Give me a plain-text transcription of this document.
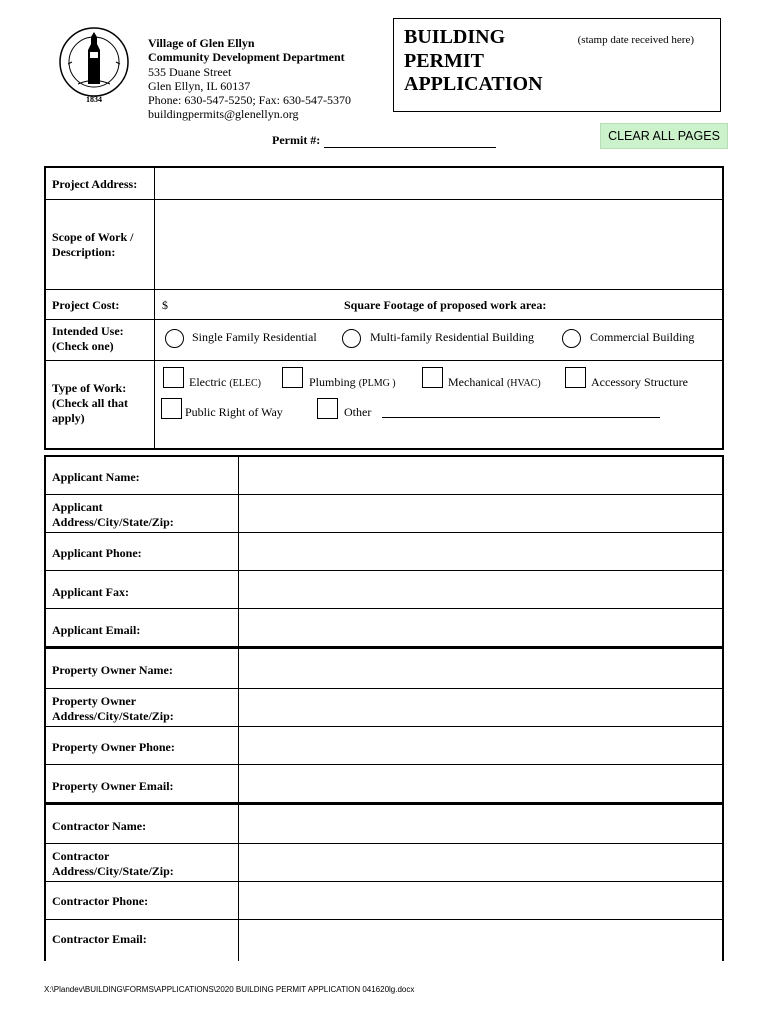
1834
Village of Glen Ellyn
Community Development Department
535 Duane Street
Glen Ellyn, IL 60137
Phone: 630-547-5250; Fax: 630-547-5370
buildingpermits@glenellyn.org
BUILDING
PERMIT
APPLICATION
(stamp date received here)
Permit #:	CLEAR ALL PAGES
Project Address:
Scope of Work / Description:
Project Cost:	$	Square Footage of proposed work area:
Intended Use: (Check one)
Single Family Residential	Multi-family Residential Building	Commercial Building
Type of Work: (Check all that apply)
Electric (ELEC)	Plumbing (PLMG )	Mechanical (HVAC)	Accessory Structure
Public Right of Way	Other
Applicant Name:
Applicant Address/City/State/Zip:
Applicant Phone:
Applicant Fax:
Applicant Email:
Property Owner Name:
Property Owner Address/City/State/Zip:
Property Owner Phone:
Property Owner Email:
Contractor Name:
Contractor Address/City/State/Zip:
Contractor Phone:
Contractor Email:
X:\Plandev\BUILDING\FORMS\APPLICATIONS\2020 BUILDING PERMIT APPLICATION 041620lg.docx
